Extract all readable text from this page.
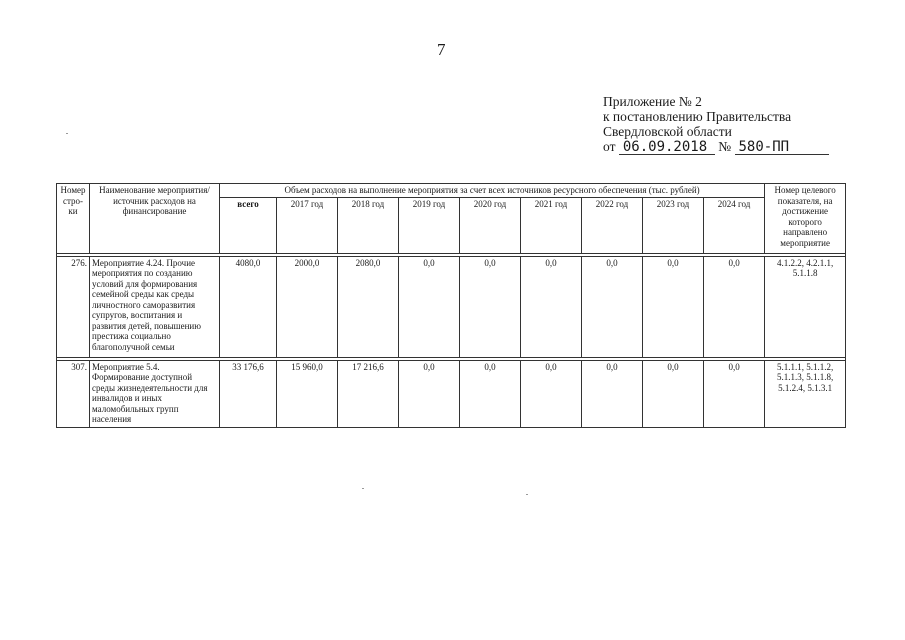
7
Приложение № 2
к постановлению Правительства
Свердловской области
от 06.09.2018 № 580-ПП
Номер стро-ки	Наименование мероприятия/ источник расходов на финансирование	Объем расходов на выполнение мероприятия за счет всех источников ресурсного обеспечения (тыс. рублей)									Номер целевого показателя, на достижение которого направлено мероприятие
		всего	2017 год	2018 год	2019 год	2020 год	2021 год	2022 год	2023 год	2024 год	

276.	Мероприятие 4.24. Прочие мероприятия по созданию условий для формирования семейной среды как среды личностного саморазвития супругов, воспитания и развития детей, повышению престижа социально благополучной семьи	4080,0	2000,0	2080,0	0,0	0,0	0,0	0,0	0,0	0,0	4.1.2.2, 4.2.1.1, 5.1.1.8

307.	Мероприятие 5.4. Формирование доступной среды жизнедеятельности для инвалидов и иных маломобильных групп населения	33 176,6	15 960,0	17 216,6	0,0	0,0	0,0	0,0	0,0	0,0	5.1.1.1, 5.1.1.2, 5.1.1.3, 5.1.1.8, 5.1.2.4, 5.1.3.1
